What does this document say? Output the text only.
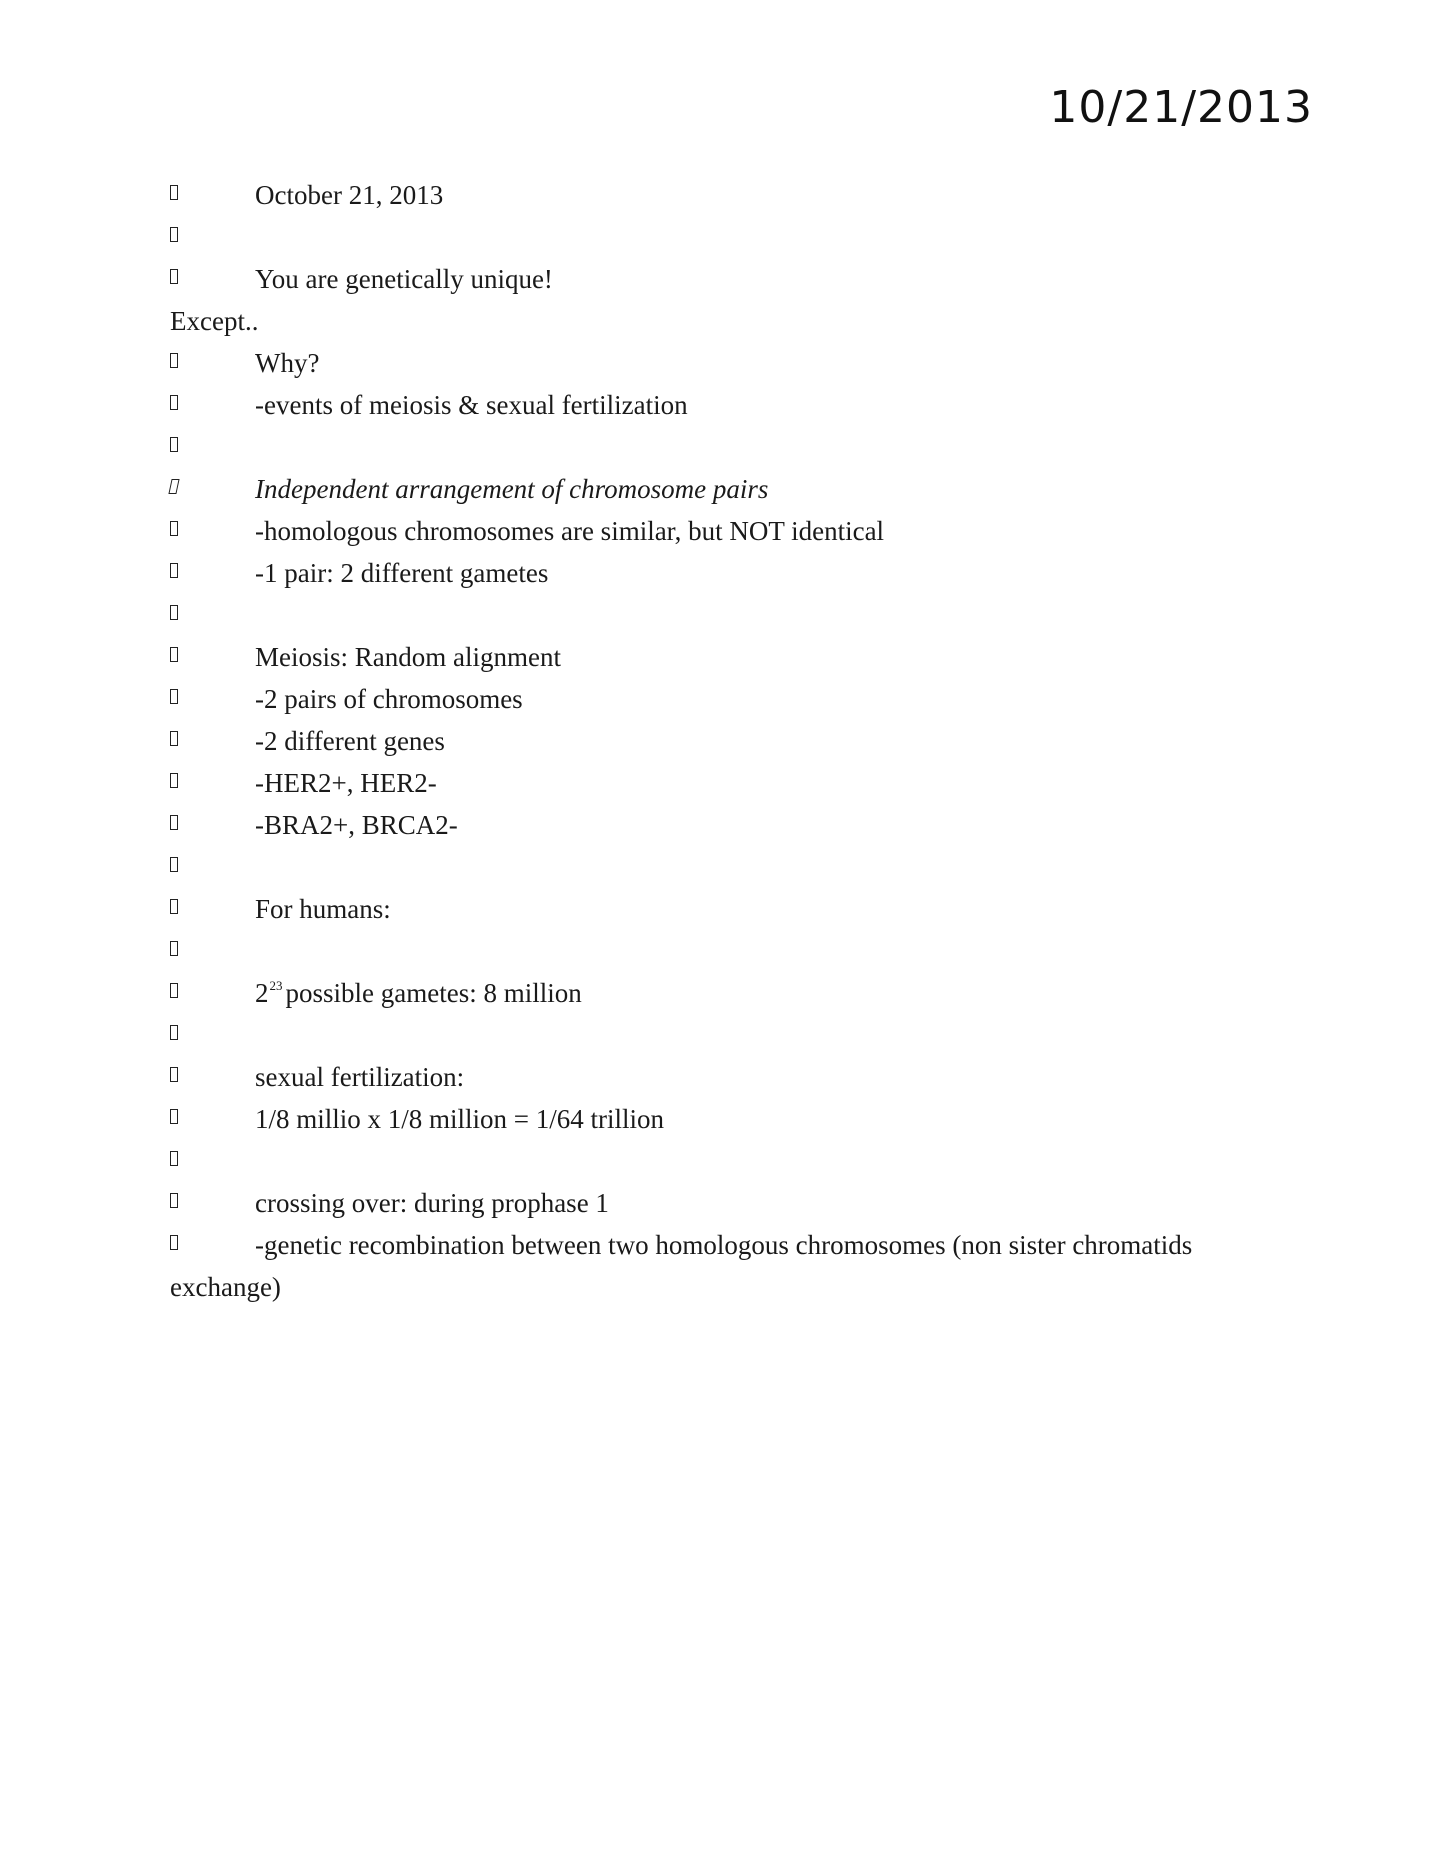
10/21/2013
October 21, 2013
You are genetically unique!
Except..
Why?
-events of meiosis & sexual fertilization
Independent arrangement of chromosome pairs
-homologous chromosomes are similar, but NOT identical
-1 pair: 2 different gametes
Meiosis: Random alignment
-2 pairs of chromosomes
-2 different genes
-HER2+, HER2-
-BRA2+, BRCA2-
For humans:
$2^{23}$ possible gametes: 8 million
sexual fertilization:
1/8 millio x 1/8 million = 1/64 trillion
crossing over: during prophase 1
-genetic recombination between two homologous chromosomes (non sister chromatids
exchange)
